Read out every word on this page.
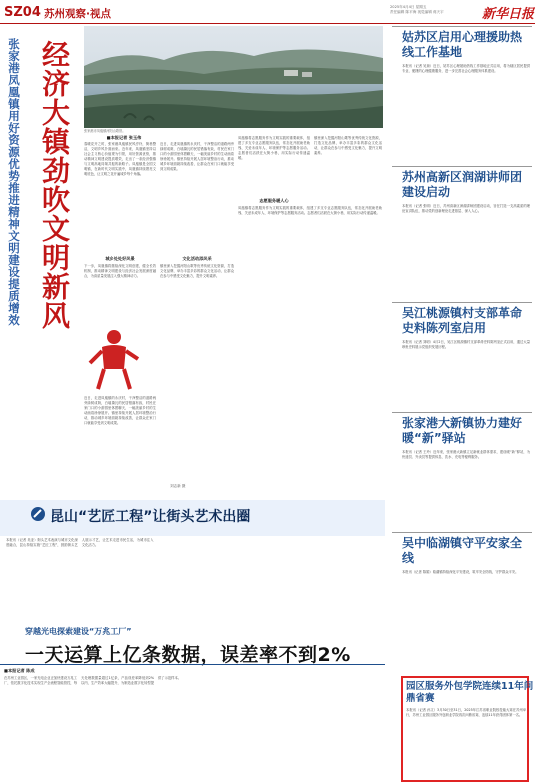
SZ04 苏州观察·视点
2025年4月4日 星期五
责任编辑 陈平海 视觉编辑 蒋天宇	新华日报
张家港凤凰镇用好资源优势推进精神文明建设提质增效 经济大镇劲吹文明新风	张家港市凤凰镇河阳山歌馆。
■本报记者 张玉伟
春暖花开之时，张家港凤凰镇民风淳朴，街巷整洁，文明乡风扑面而来。近年来，凤凰镇坚持以社会主义核心价值观为引领，用好资源优势，推动精神文明建设提质增效，走出了一条经济强镇与文明高地同频共振的新路子。凤凰镇是全国文明镇，在新时代文明实践中，凤凰镇持续擦亮文明底色，让文明之花开遍城乡每个角落。
近日，走进凤凰镇的永庆村，干净整洁的道路两旁绿树成荫，白墙黛瓦的民居错落有致，村民在家门口的小游园里休憩聊天，一幅美丽乡村的生动画卷徐徐展开。镇里持续开展人居环境整治行动，推动城乡环境面貌持续改善，让群众在家门口就能享受到文明成果。
凤凰镇将志愿服务作为文明实践的重要载体，组建了多支专业志愿服务队伍，常态化开展助老助残、关爱未成年人、环境保护等志愿服务活动。志愿者们活跃在大街小巷，用实际行动传递温暖。
镇里深入挖掘河阳山歌等优秀传统文化资源，打造文化品牌，举办丰富多彩的群众文化活动，让群众在参与中感受文化魅力，提升文明素养。
城乡处处好风景
下一步，凤凰镇将继续深化文明创建，健全长效机制，推动精神文明建设与经济社会发展深度融合，为高质量发展注入强大精神动力。
志愿服务暖人心
凤凰镇将志愿服务作为文明实践的重要载体，组建了多支专业志愿服务队伍，常态化开展助老助残、关爱未成年人、环境保护等志愿服务活动。志愿者们活跃在大街小巷，用实际行动传递温暖。
文化活动添风采
镇里深入挖掘河阳山歌等优秀传统文化资源，打造文化品牌，举办丰富多彩的群众文化活动，让群众在参与中感受文化魅力，提升文明素养。
近日，走进凤凰镇的永庆村，干净整洁的道路两旁绿树成荫，白墙黛瓦的民居错落有致，村民在家门口的小游园里休憩聊天，一幅美丽乡村的生动画卷徐徐展开。镇里持续开展人居环境整治行动，推动城乡环境面貌持续改善，让群众在家门口就能享受到文明成果。
刘志新 摄
姑苏区启用心理援助热线工作基地
本报讯（记者 吴琼）近日，姑苏区心理援助热线工作基地正式启用，将为辖区居民提供专业、便捷的心理健康服务，进一步完善社会心理服务体系建设。
苏州高新区润湖讲师团建设启动
本报讯（记者 张明）近日，苏州高新区润湖讲师团建设启动，旨在打造一支高素质的理论宣讲队伍，推动党的创新理论走进基层、深入人心。
吴江桃源镇村支部革命史料陈列室启用
本报讯（记者 刘明）4月2日，吴江区桃源镇村支部革命史料陈列室正式启用，通过大量珍贵史料展示党组织发展历程。
张家港大新镇协力建好暖“新”驿站
本报讯（记者 王玲）近年来，张家港大新镇立足新就业群体需求，建设暖“新”驿站，为快递员、外卖员等提供休息、饮水、充电等便利服务。
吴中临湖镇守平安家全线
本报讯（记者 陈娟）临湖镇持续深化平安建设，筑牢安全防线，守护群众平安。
园区服务外包学院连续11年问鼎省赛
本报讯（记者 孙文）3月30日至31日，2025年江苏省职业院校技能大赛在苏州举行，苏州工业园区服务外包职业学院再次问鼎省赛，连续11年获得团体第一名。
昆山“艺匠工程”让街头艺术出圈
本报讯（记者 吴亚）街头艺术表演与城市文化深度融合，昆山持续实施“艺匠工程”，鼓励街头艺人展示才艺，让艺术走进市民生活，为城市注入文化活力。
穿越光电探索建设“万兆工厂”
一天运算上亿条数据，误差率不到2%
■本报记者 陈成
在苏州工业园区，一家光电企业正加快建设万兆工厂，依托数字化技术实现生产全流程智能管控，每天处理数据量超过1亿条，产品误差率降低到2%以内，生产效率大幅提升，为制造业数字化转型提供了示范样本。
